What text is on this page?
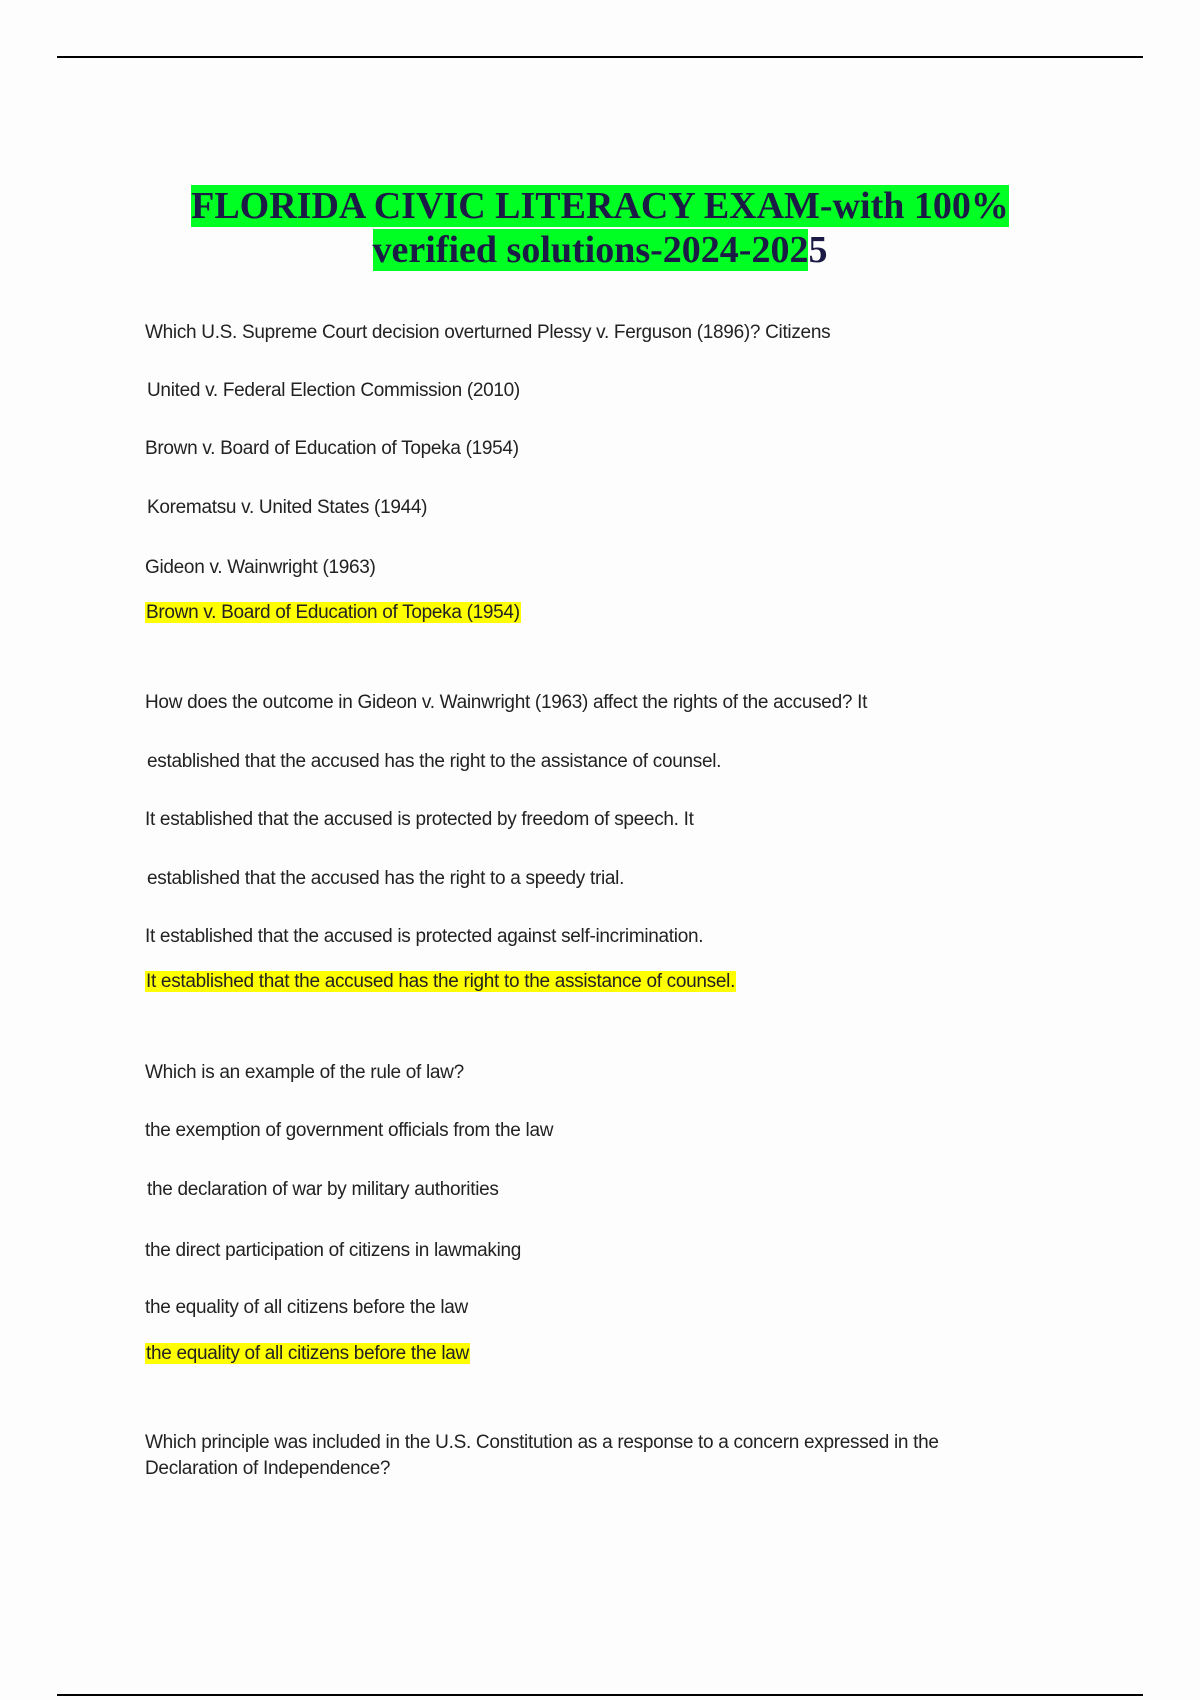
FLORIDA CIVIC LITERACY EXAM-with 100%
verified solutions-2024-2025
Which U.S. Supreme Court decision overturned Plessy v. Ferguson (1896)? Citizens
United v. Federal Election Commission (2010)
Brown v. Board of Education of Topeka (1954)
Korematsu v. United States (1944)
Gideon v. Wainwright (1963)
Brown v. Board of Education of Topeka (1954)
How does the outcome in Gideon v. Wainwright (1963) affect the rights of the accused? It
established that the accused has the right to the assistance of counsel.
It established that the accused is protected by freedom of speech. It
established that the accused has the right to a speedy trial.
It established that the accused is protected against self-incrimination.
It established that the accused has the right to the assistance of counsel.
Which is an example of the rule of law?
the exemption of government officials from the law
the declaration of war by military authorities
the direct participation of citizens in lawmaking
the equality of all citizens before the law
the equality of all citizens before the law
Which principle was included in the U.S. Constitution as a response to a concern expressed in the Declaration of Independence?
